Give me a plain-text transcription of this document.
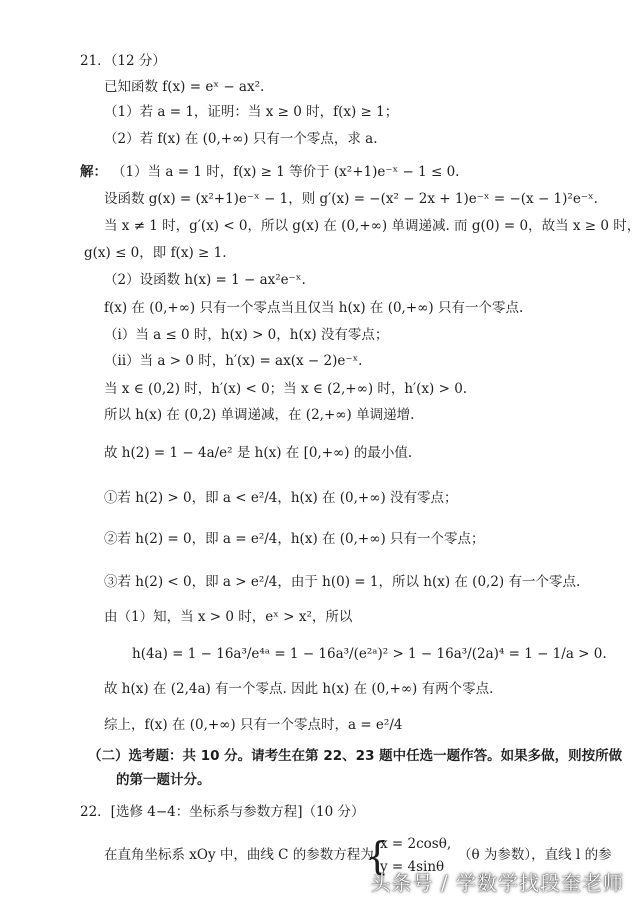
21．（12 分）
已知函数 f(x) = eˣ − ax².
（1）若 a = 1，证明：当 x ≥ 0 时，f(x) ≥ 1；
（2）若 f(x) 在 (0,+∞) 只有一个零点，求 a.
解： （1）当 a = 1 时，f(x) ≥ 1 等价于 (x²+1)e⁻ˣ − 1 ≤ 0.
设函数 g(x) = (x²+1)e⁻ˣ − 1，则 g′(x) = −(x² − 2x + 1)e⁻ˣ = −(x − 1)²e⁻ˣ.
当 x ≠ 1 时，g′(x) < 0，所以 g(x) 在 (0,+∞) 单调递减. 而 g(0) = 0，故当 x ≥ 0 时，
g(x) ≤ 0，即 f(x) ≥ 1.
（2）设函数 h(x) = 1 − ax²e⁻ˣ.
f(x) 在 (0,+∞) 只有一个零点当且仅当 h(x) 在 (0,+∞) 只有一个零点.
（ⅰ）当 a ≤ 0 时，h(x) > 0，h(x) 没有零点；
（ⅱ）当 a > 0 时，h′(x) = ax(x − 2)e⁻ˣ.
当 x ∈ (0,2) 时，h′(x) < 0；当 x ∈ (2,+∞) 时，h′(x) > 0.
所以 h(x) 在 (0,2) 单调递减，在 (2,+∞) 单调递增.
故 h(2) = 1 − 4a/e² 是 h(x) 在 [0,+∞) 的最小值.
①若 h(2) > 0，即 a < e²/4，h(x) 在 (0,+∞) 没有零点；
②若 h(2) = 0，即 a = e²/4，h(x) 在 (0,+∞) 只有一个零点；
③若 h(2) < 0，即 a > e²/4，由于 h(0) = 1，所以 h(x) 在 (0,2) 有一个零点.
由（1）知，当 x > 0 时，eˣ > x²，所以
h(4a) = 1 − 16a³/e⁴ᵃ = 1 − 16a³/(e²ᵃ)² > 1 − 16a³/(2a)⁴ = 1 − 1/a > 0.
故 h(x) 在 (2,4a) 有一个零点. 因此 h(x) 在 (0,+∞) 有两个零点.
综上，f(x) 在 (0,+∞) 只有一个零点时，a = e²/4
（二）选考题：共 10 分。请考生在第 22、23 题中任选一题作答。如果多做，则按所做
的第一题计分。
22．[选修 4−4：坐标系与参数方程]（10 分）
在直角坐标系 xOy 中，曲线 C 的参数方程为
{
x = 2cosθ,
y = 4sinθ
（θ 为参数），直线 l 的参
头条号 / 学数学找段奎老师
